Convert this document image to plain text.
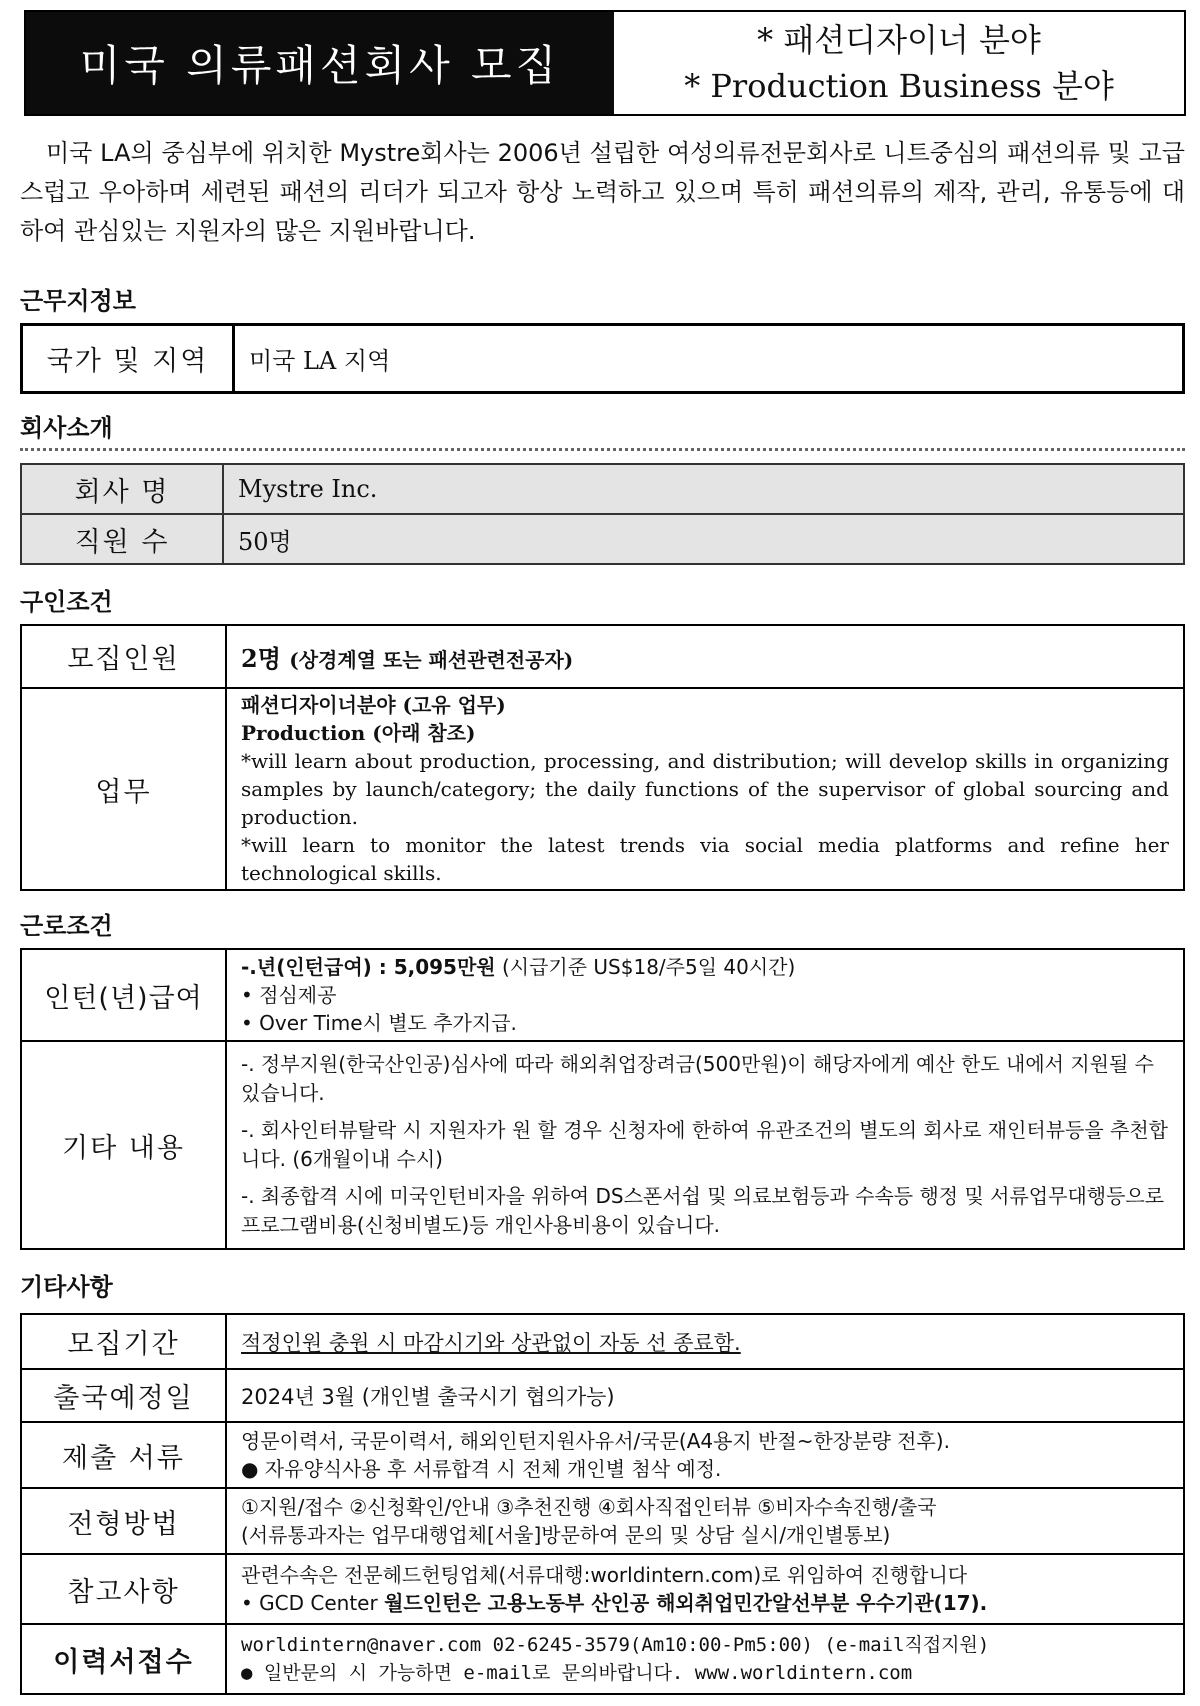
미국 의류패션회사 모집
* 패션디자이너 분야
* Production Business 분야
미국 LA의 중심부에 위치한 Mystre회사는 2006년 설립한 여성의류전문회사로 니트중심의 패션의류 및 고급스럽고 우아하며 세련된 패션의 리더가 되고자 항상 노력하고 있으며 특히 패션의류의 제작, 관리, 유통등에 대하여 관심있는 지원자의 많은 지원바랍니다.
근무지정보
국가 및 지역	미국 LA 지역
회사소개
회사 명	Mystre Inc.
직원 수	50명
구인조건
모집인원	2명 (상경계열 또는 패션관련전공자)
업무	패션디자이너분야 (고유 업무)
Production (아래 참조)
*will learn about production, processing, and distribution; will develop skills in organizing samples by launch/category; the daily functions of the supervisor of global sourcing and production.
*will learn to monitor the latest trends via social media platforms and refine her technological skills.
근로조건
인턴(년)급여	-.년(인턴급여) : 5,095만원 (시급기준 US$18/주5일 40시간)
• 점심제공
• Over Time시 별도 추가지급.

기타 내용	-. 정부지원(한국산인공)심사에 따라 해외취업장려금(500만원)이 해당자에게 예산 한도 내에서 지원될 수 있습니다.
-. 회사인터뷰탈락 시 지원자가 원 할 경우 신청자에 한하여 유관조건의 별도의 회사로 재인터뷰등을 추천합니다. (6개월이내 수시)
-. 최종합격 시에 미국인턴비자을 위하여 DS스폰서쉽 및 의료보험등과 수속등 행정 및 서류업무대행등으로 프로그램비용(신청비별도)등 개인사용비용이 있습니다.
기타사항
모집기간	적정인원 충원 시 마감시기와 상관없이 자동 선 종료함.
출국예정일	2024년 3월 (개인별 출국시기 협의가능)
제출 서류	영문이력서, 국문이력서, 해외인턴지원사유서/국문(A4용지 반절~한장분량 전후).
● 자유양식사용 후 서류합격 시 전체 개인별 첨삭 예정.

전형방법	①지원/접수 ②신청확인/안내 ③추천진행 ④회사직접인터뷰 ⑤비자수속진행/출국
(서류통과자는 업무대행업체[서울]방문하여 문의 및 상담 실시/개인별통보)

참고사항	관련수속은 전문헤드헌팅업체(서류대행:worldintern.com)로 위임하여 진행합니다
• GCD Center 월드인턴은 고용노동부 산인공 해외취업민간알선부분 우수기관(17).

이력서접수	worldintern@naver.com 02-6245-3579(Am10:00-Pm5:00) (e-mail직접지원)
● 일반문의 시 가능하면 e-mail로 문의바랍니다. www.worldintern.com
